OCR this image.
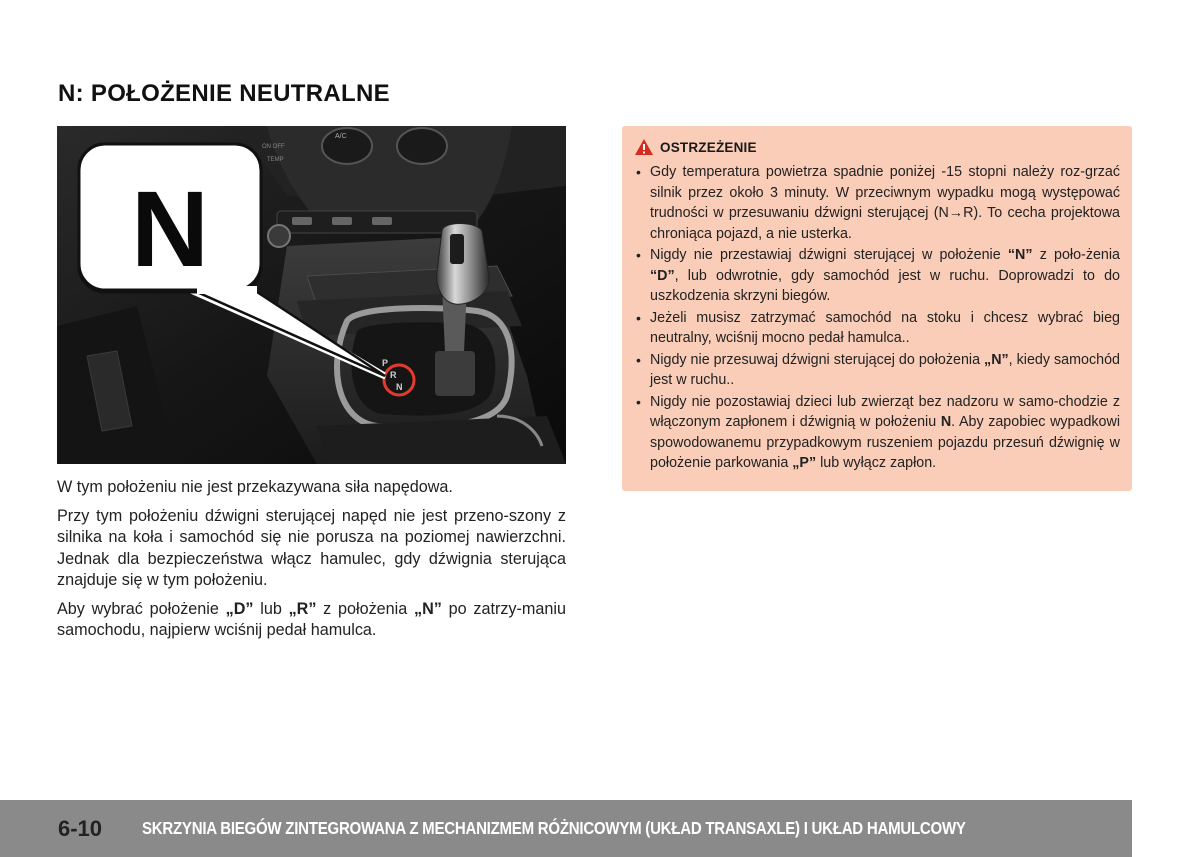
N: POŁOŻENIE NEUTRALNE
A/C
ON OFF
TEMP
P
R
N
N

W tym położeniu nie jest przekazywana siła napędowa.

Przy tym położeniu dźwigni sterującej napęd nie jest przeno-szony z silnika na koła i samochód się nie porusza na poziomej nawierzchni. Jednak dla bezpieczeństwa włącz hamulec, gdy dźwignia sterująca znajduje się w tym położeniu.

Aby wybrać położenie „D” lub „R” z położenia „N” po zatrzy-maniu samochodu, najpierw wciśnij pedał hamulca.

OSTRZEŻENIE
• Gdy temperatura powietrza spadnie poniżej -15 stopni należy roz-grzać silnik przez około 3 minuty. W przeciwnym wypadku mogą występować trudności w przesuwaniu dźwigni sterującej (N→R). To cecha projektowa chroniąca pojazd, a nie usterka.
• Nigdy nie przestawiaj dźwigni sterującej w położenie “N” z poło-żenia “D”, lub odwrotnie, gdy samochód jest w ruchu. Doprowadzi to do uszkodzenia skrzyni biegów.
• Jeżeli musisz zatrzymać samochód na stoku i chcesz wybrać bieg neutralny, wciśnij mocno pedał hamulca..
• Nigdy nie przesuwaj dźwigni sterującej do położenia „N”, kiedy samochód jest w ruchu..
• Nigdy nie pozostawiaj dzieci lub zwierząt bez nadzoru w samo-chodzie z włączonym zapłonem i dźwignią w położeniu N. Aby zapobiec wypadkowi spowodowanemu przypadkowym ruszeniem pojazdu przesuń dźwignię w położenie parkowania „P” lub wyłącz zapłon.
6-10	SKRZYNIA BIEGÓW ZINTEGROWANA Z MECHANIZMEM RÓŻNICOWYM (UKŁAD TRANSAXLE) I UKŁAD HAMULCOWY
